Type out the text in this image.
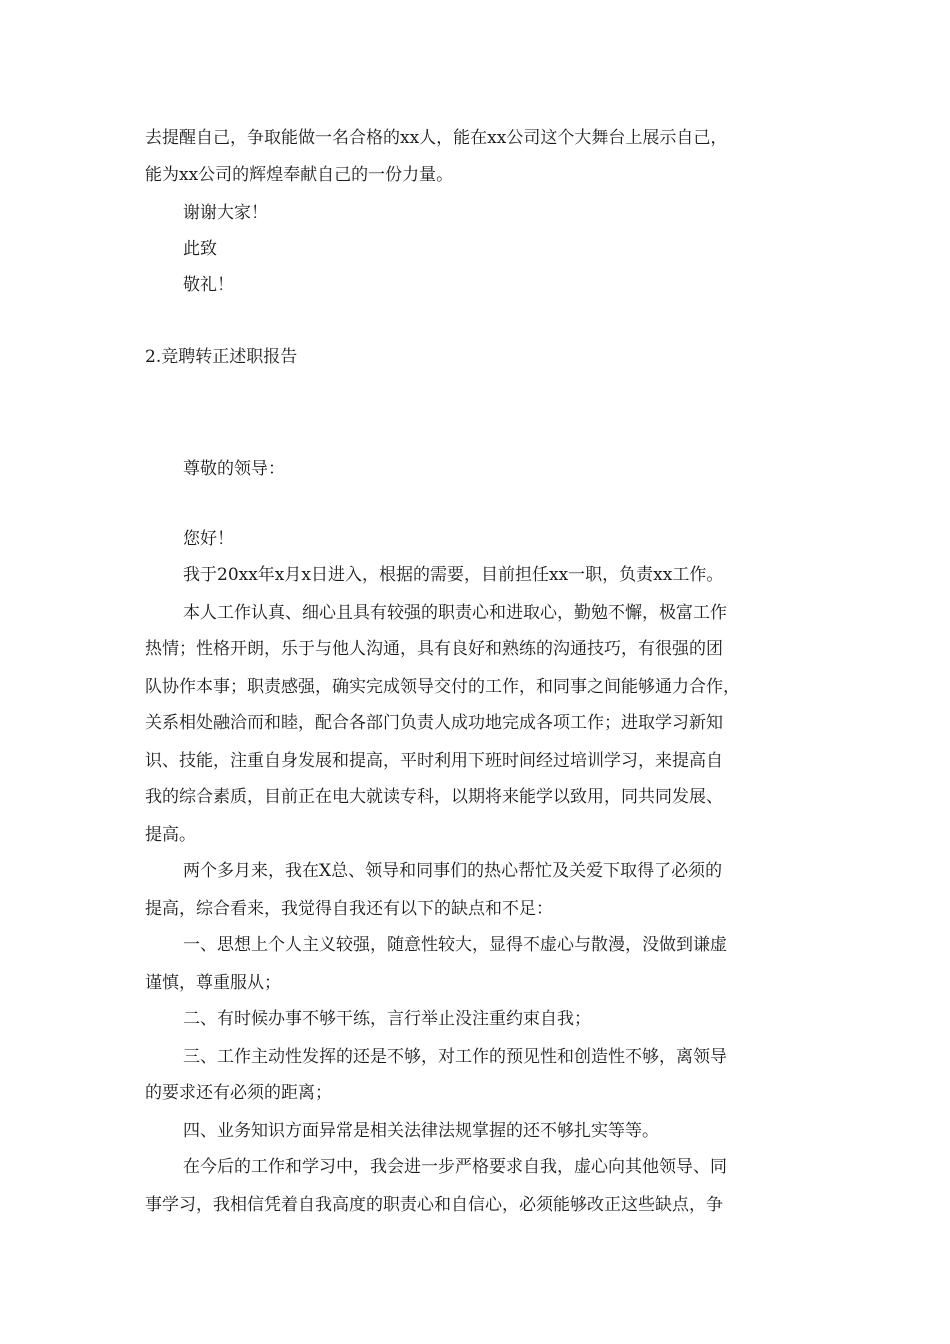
去提醒自己，争取能做一名合格的xx人，能在xx公司这个大舞台上展示自己，

能为xx公司的辉煌奉献自己的一份力量。

谢谢大家！

此致

敬礼！

2.竞聘转正述职报告

尊敬的领导：

您好！

我于20xx年x月x日进入，根据的需要，目前担任xx一职，负责xx工作。

本人工作认真、细心且具有较强的职责心和进取心，勤勉不懈，极富工作

热情；性格开朗，乐于与他人沟通，具有良好和熟练的沟通技巧，有很强的团

队协作本事；职责感强，确实完成领导交付的工作，和同事之间能够通力合作，

关系相处融洽而和睦，配合各部门负责人成功地完成各项工作；进取学习新知

识、技能，注重自身发展和提高，平时利用下班时间经过培训学习，来提高自

我的综合素质，目前正在电大就读专科，以期将来能学以致用，同共同发展、

提高。

两个多月来，我在X总、领导和同事们的热心帮忙及关爱下取得了必须的

提高，综合看来，我觉得自我还有以下的缺点和不足：

一、思想上个人主义较强，随意性较大，显得不虚心与散漫，没做到谦虚

谨慎，尊重服从；

二、有时候办事不够干练，言行举止没注重约束自我；

三、工作主动性发挥的还是不够，对工作的预见性和创造性不够，离领导

的要求还有必须的距离；

四、业务知识方面异常是相关法律法规掌握的还不够扎实等等。

在今后的工作和学习中，我会进一步严格要求自我，虚心向其他领导、同

事学习，我相信凭着自我高度的职责心和自信心，必须能够改正这些缺点，争
